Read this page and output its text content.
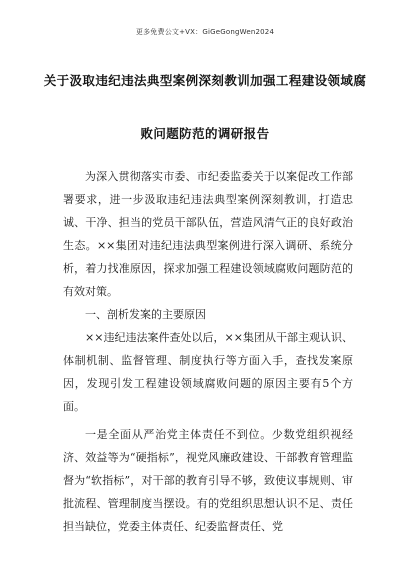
更多免费公文+VX：GiGeGongWen2024
关于汲取违纪违法典型案例深刻教训加强工程建设领域腐
败问题防范的调研报告

为深入贯彻落实市委、市纪委监委关于以案促改工作部署要求，进一步汲取违纪违法典型案例深刻教训，打造忠诚、干净、担当的党员干部队伍，营造风清气正的良好政治生态。××集团对违纪违法典型案例进行深入调研、系统分析，着力找准原因，探求加强工程建设领域腐败问题防范的有效对策。

一、剖析发案的主要原因

××违纪违法案件查处以后，××集团从干部主观认识、体制机制、监督管理、制度执行等方面入手，查找发案原因，发现引发工程建设领域腐败问题的原因主要有5个方面。

一是全面从严治党主体责任不到位。少数党组织视经济、效益等为“硬指标”，视党风廉政建设、干部教育管理监督为“软指标”，对干部的教育引导不够，致使议事规则、审批流程、管理制度当摆设。有的党组织思想认识不足、责任担当缺位，党委主体责任、纪委监督责任、党
